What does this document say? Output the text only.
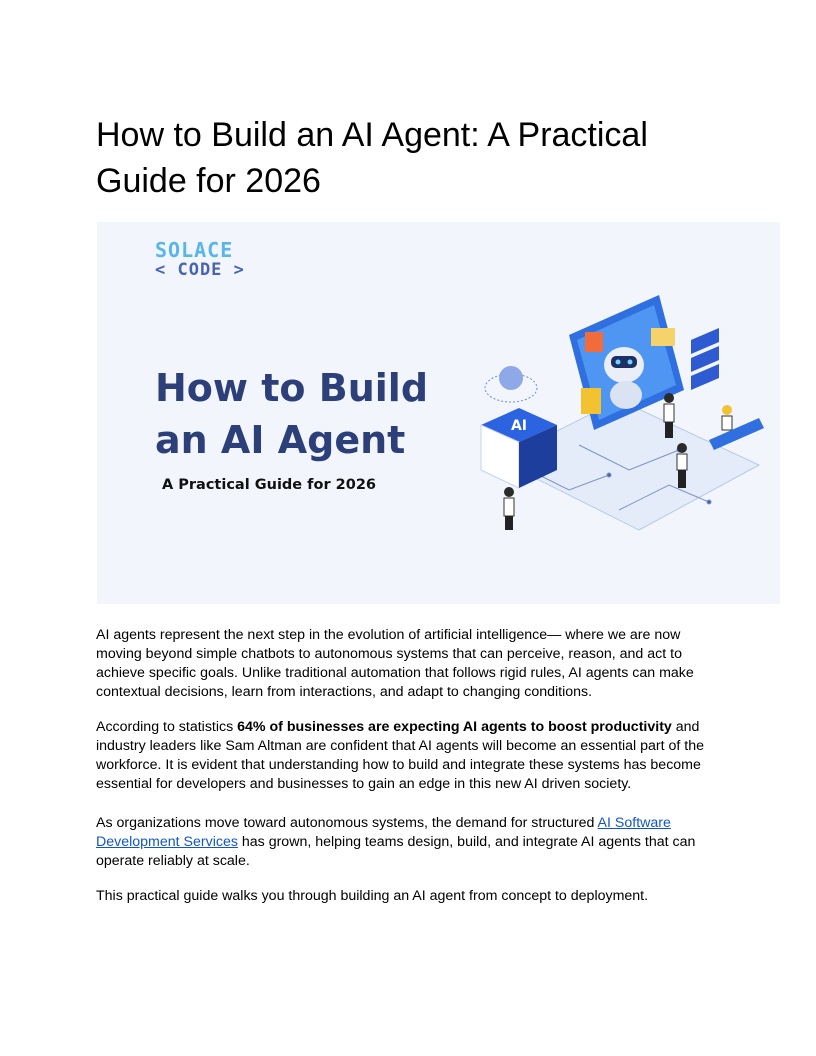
How to Build an AI Agent: A Practical Guide for 2026
SOLACE
< CODE >
How to Build an AI Agent
A Practical Guide for 2026
AI

AI agents represent the next step in the evolution of artificial intelligence— where we are now moving beyond simple chatbots to autonomous systems that can perceive, reason, and act to achieve specific goals. Unlike traditional automation that follows rigid rules, AI agents can make contextual decisions, learn from interactions, and adapt to changing conditions.

According to statistics 64% of businesses are expecting AI agents to boost productivity and industry leaders like Sam Altman are confident that AI agents will become an essential part of the workforce. It is evident that understanding how to build and integrate these systems has become essential for developers and businesses to gain an edge in this new AI driven society.

As organizations move toward autonomous systems, the demand for structured AI Software Development Services has grown, helping teams design, build, and integrate AI agents that can operate reliably at scale.

This practical guide walks you through building an AI agent from concept to deployment.
